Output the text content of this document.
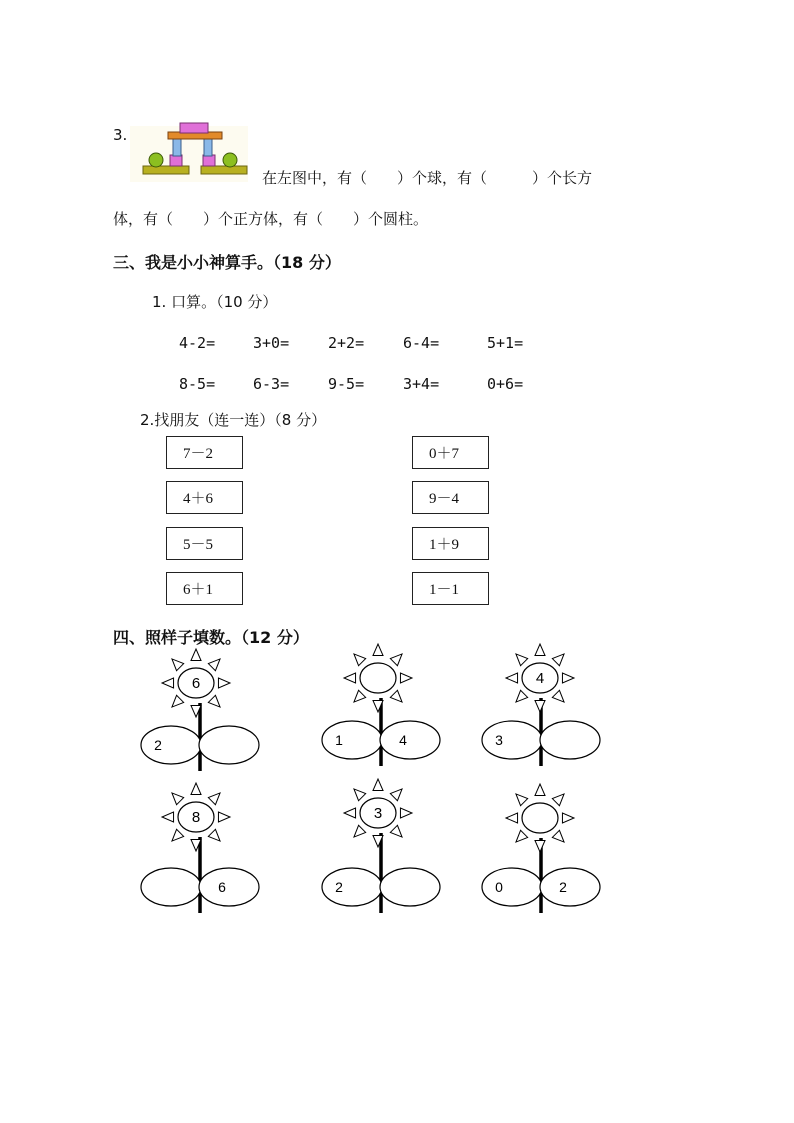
3.
在左图中，有（　　）个球，有（　　　）个长方
体，有（　　）个正方体，有（　　）个圆柱。
三、我是小小神算手。（18 分）
1. 口算。（10 分）
4-2=	3+0=	2+2=	6-4=	5+1=
8-5=	6-3=	9-5=	3+4=	0+6=
2.找朋友（连一连）（8 分）
7－2
4＋6
5－5
6＋1
0＋7
9－4
1＋9
1－1
四、照样子填数。（12 分）
6
2	1	4
4
3
8
6
3
2	0	2
